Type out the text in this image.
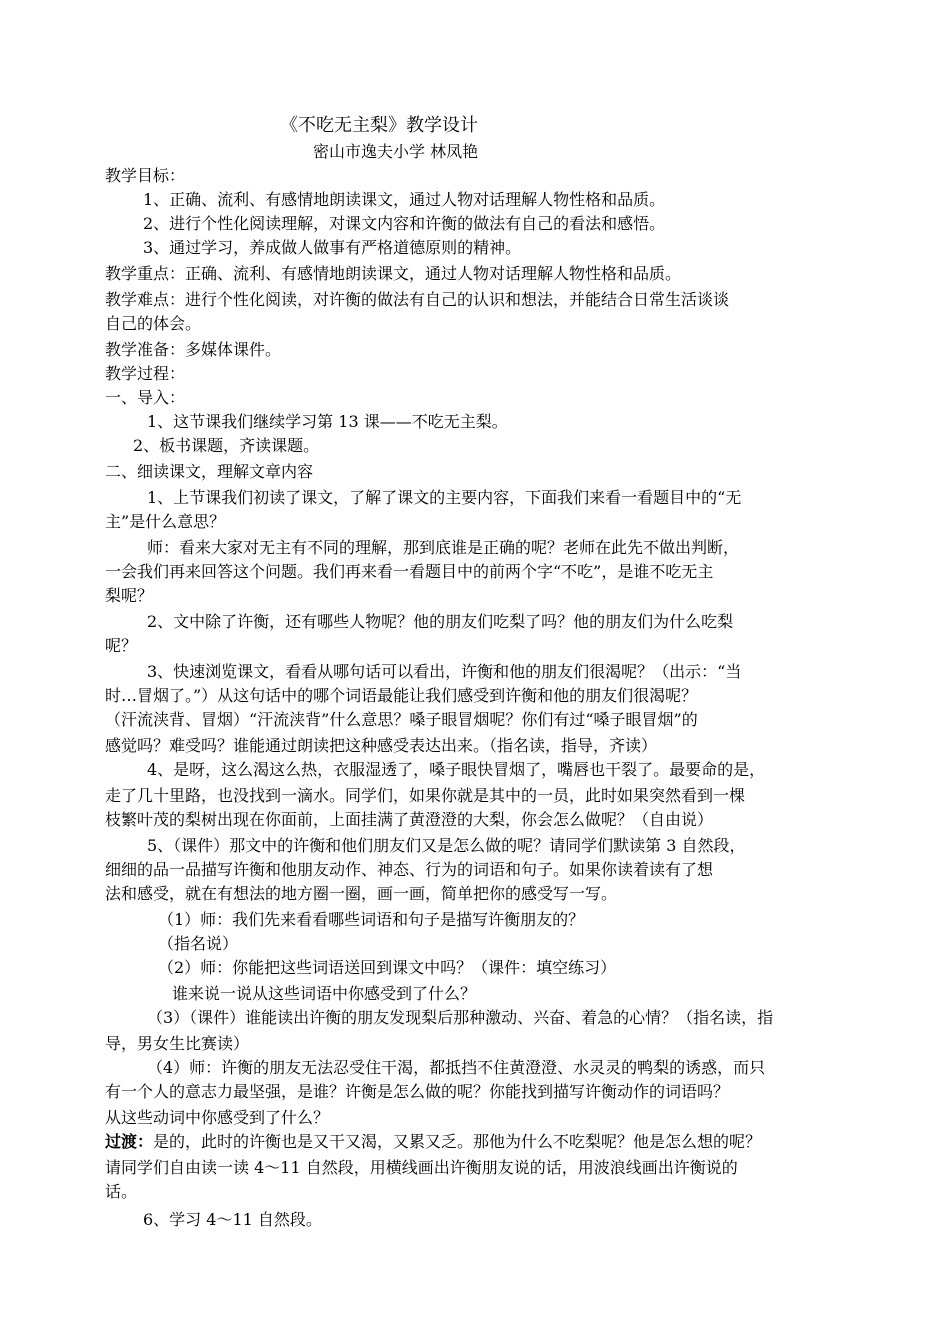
《不吃无主梨》教学设计
密山市逸夫小学 林凤艳
教学目标：
1、正确、流利、有感情地朗读课文，通过人物对话理解人物性格和品质。
2、进行个性化阅读理解，对课文内容和许衡的做法有自己的看法和感悟。
3、通过学习，养成做人做事有严格道德原则的精神。
教学重点：正确、流利、有感情地朗读课文，通过人物对话理解人物性格和品质。
教学难点：进行个性化阅读，对许衡的做法有自己的认识和想法，并能结合日常生活谈谈
自己的体会。
教学准备：多媒体课件。
教学过程：
一、导入：
1、这节课我们继续学习第 13 课——不吃无主梨。
2、板书课题，齐读课题。
二、细读课文，理解文章内容
1、上节课我们初读了课文，了解了课文的主要内容，下面我们来看一看题目中的“无
主”是什么意思？
师：看来大家对无主有不同的理解，那到底谁是正确的呢？老师在此先不做出判断，
一会我们再来回答这个问题。我们再来看一看题目中的前两个字“不吃”，是谁不吃无主
梨呢？
2、文中除了许衡，还有哪些人物呢？他的朋友们吃梨了吗？他的朋友们为什么吃梨
呢？
3、快速浏览课文，看看从哪句话可以看出，许衡和他的朋友们很渴呢？（出示：“当
时…冒烟了。”）从这句话中的哪个词语最能让我们感受到许衡和他的朋友们很渴呢？
（汗流浃背、冒烟）“汗流浃背”什么意思？嗓子眼冒烟呢？你们有过“嗓子眼冒烟”的
感觉吗？难受吗？谁能通过朗读把这种感受表达出来。（指名读，指导，齐读）
4、是呀，这么渴这么热，衣服湿透了，嗓子眼快冒烟了，嘴唇也干裂了。最要命的是，
走了几十里路，也没找到一滴水。同学们，如果你就是其中的一员，此时如果突然看到一棵
枝繁叶茂的梨树出现在你面前，上面挂满了黄澄澄的大梨，你会怎么做呢？（自由说）
5、（课件）那文中的许衡和他们朋友们又是怎么做的呢？请同学们默读第 3 自然段，
细细的品一品描写许衡和他朋友动作、神态、行为的词语和句子。如果你读着读有了想
法和感受，就在有想法的地方圈一圈，画一画，简单把你的感受写一写。
（1）师：我们先来看看哪些词语和句子是描写许衡朋友的？
（指名说）
（2）师：你能把这些词语送回到课文中吗？（课件：填空练习）
谁来说一说从这些词语中你感受到了什么？
（3）（课件）谁能读出许衡的朋友发现梨后那种激动、兴奋、着急的心情？（指名读，指
导，男女生比赛读）
（4）师：许衡的朋友无法忍受住干渴，都抵挡不住黄澄澄、水灵灵的鸭梨的诱惑，而只
有一个人的意志力最坚强，是谁？许衡是怎么做的呢？你能找到描写许衡动作的词语吗？
从这些动词中你感受到了什么？
过渡：是的，此时的许衡也是又干又渴，又累又乏。那他为什么不吃梨呢？他是怎么想的呢？
请同学们自由读一读 4～11 自然段，用横线画出许衡朋友说的话，用波浪线画出许衡说的
话。
6、学习 4～11 自然段。
